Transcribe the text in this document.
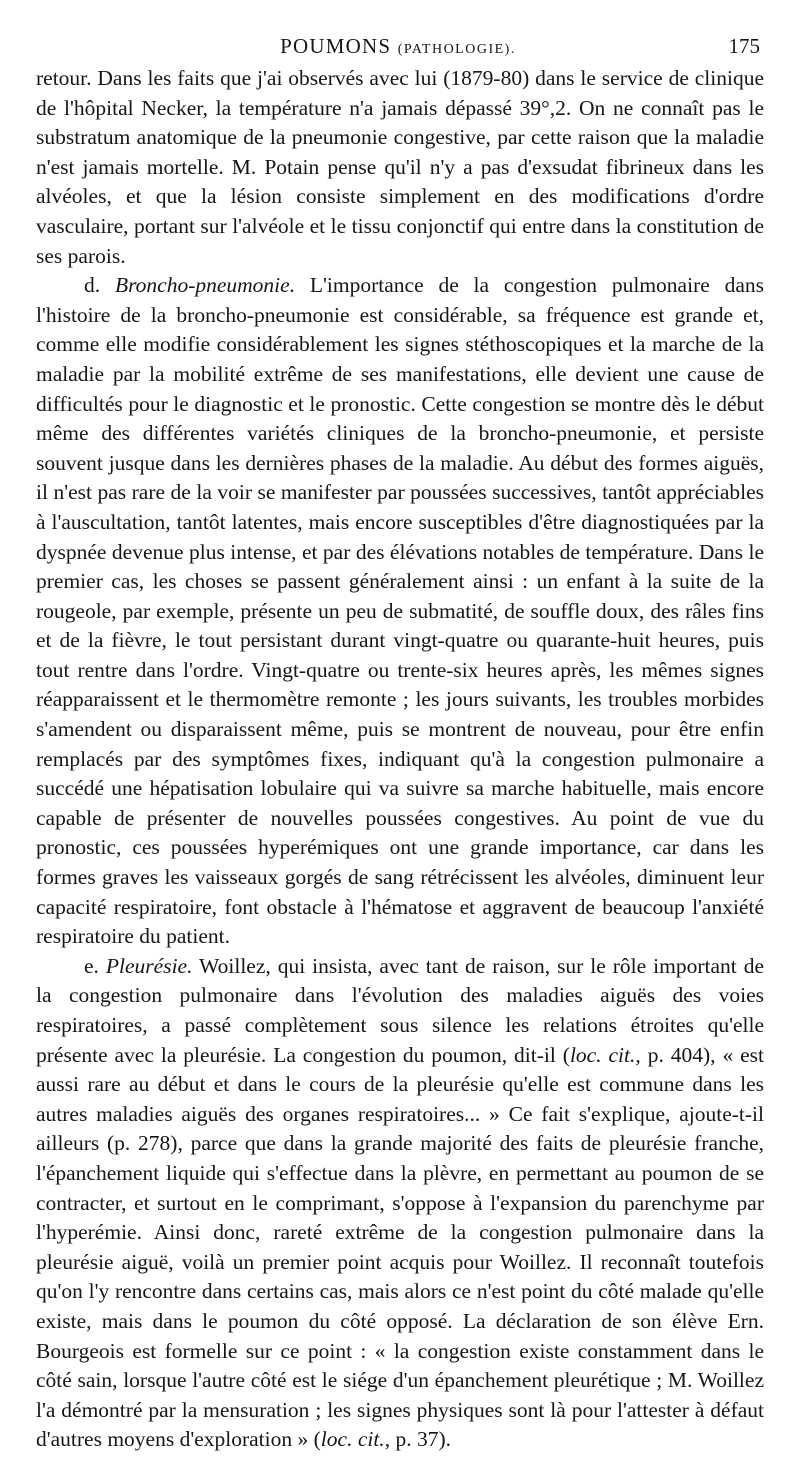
POUMONS (PATHOLOGIE).	175

retour. Dans les faits que j'ai observés avec lui (1879-80) dans le service de clinique de l'hôpital Necker, la température n'a jamais dépassé 39°,2. On ne connaît pas le substratum anatomique de la pneumonie congestive, par cette raison que la maladie n'est jamais mortelle. M. Potain pense qu'il n'y a pas d'exsudat fibrineux dans les alvéoles, et que la lésion consiste simplement en des modifications d'ordre vasculaire, portant sur l'alvéole et le tissu conjonctif qui entre dans la constitution de ses parois.

d. Broncho-pneumonie. L'importance de la congestion pulmonaire dans l'histoire de la broncho-pneumonie est considérable, sa fréquence est grande et, comme elle modifie considérablement les signes stéthoscopiques et la marche de la maladie par la mobilité extrême de ses manifestations, elle devient une cause de difficultés pour le diagnostic et le pronostic. Cette congestion se montre dès le début même des différentes variétés cliniques de la broncho-pneumonie, et persiste souvent jusque dans les dernières phases de la maladie. Au début des formes aiguës, il n'est pas rare de la voir se manifester par poussées successives, tantôt appréciables à l'auscultation, tantôt latentes, mais encore susceptibles d'être diagnostiquées par la dyspnée devenue plus intense, et par des élévations notables de température. Dans le premier cas, les choses se passent généralement ainsi : un enfant à la suite de la rougeole, par exemple, présente un peu de submatité, de souffle doux, des râles fins et de la fièvre, le tout persistant durant vingt-quatre ou quarante-huit heures, puis tout rentre dans l'ordre. Vingt-quatre ou trente-six heures après, les mêmes signes réapparaissent et le thermomètre remonte ; les jours suivants, les troubles morbides s'amendent ou disparaissent même, puis se montrent de nouveau, pour être enfin remplacés par des symptômes fixes, indiquant qu'à la congestion pulmonaire a succédé une hépatisation lobulaire qui va suivre sa marche habituelle, mais encore capable de présenter de nouvelles poussées congestives. Au point de vue du pronostic, ces poussées hyperémiques ont une grande importance, car dans les formes graves les vaisseaux gorgés de sang rétrécissent les alvéoles, diminuent leur capacité respiratoire, font obstacle à l'hématose et aggravent de beaucoup l'anxiété respiratoire du patient.

e. Pleurésie. Woillez, qui insista, avec tant de raison, sur le rôle important de la congestion pulmonaire dans l'évolution des maladies aiguës des voies respiratoires, a passé complètement sous silence les relations étroites qu'elle présente avec la pleurésie. La congestion du poumon, dit-il (loc. cit., p. 404), « est aussi rare au début et dans le cours de la pleurésie qu'elle est commune dans les autres maladies aiguës des organes respiratoires... » Ce fait s'explique, ajoute-t-il ailleurs (p. 278), parce que dans la grande majorité des faits de pleurésie franche, l'épanchement liquide qui s'effectue dans la plèvre, en permettant au poumon de se contracter, et surtout en le comprimant, s'oppose à l'expansion du parenchyme par l'hyperémie. Ainsi donc, rareté extrême de la congestion pulmonaire dans la pleurésie aiguë, voilà un premier point acquis pour Woillez. Il reconnaît toutefois qu'on l'y rencontre dans certains cas, mais alors ce n'est point du côté malade qu'elle existe, mais dans le poumon du côté opposé. La déclaration de son élève Ern. Bourgeois est formelle sur ce point : « la congestion existe constamment dans le côté sain, lorsque l'autre côté est le siége d'un épanchement pleurétique ; M. Woillez l'a démontré par la mensuration ; les signes physiques sont là pour l'attester à défaut d'autres moyens d'exploration » (loc. cit., p. 37).
